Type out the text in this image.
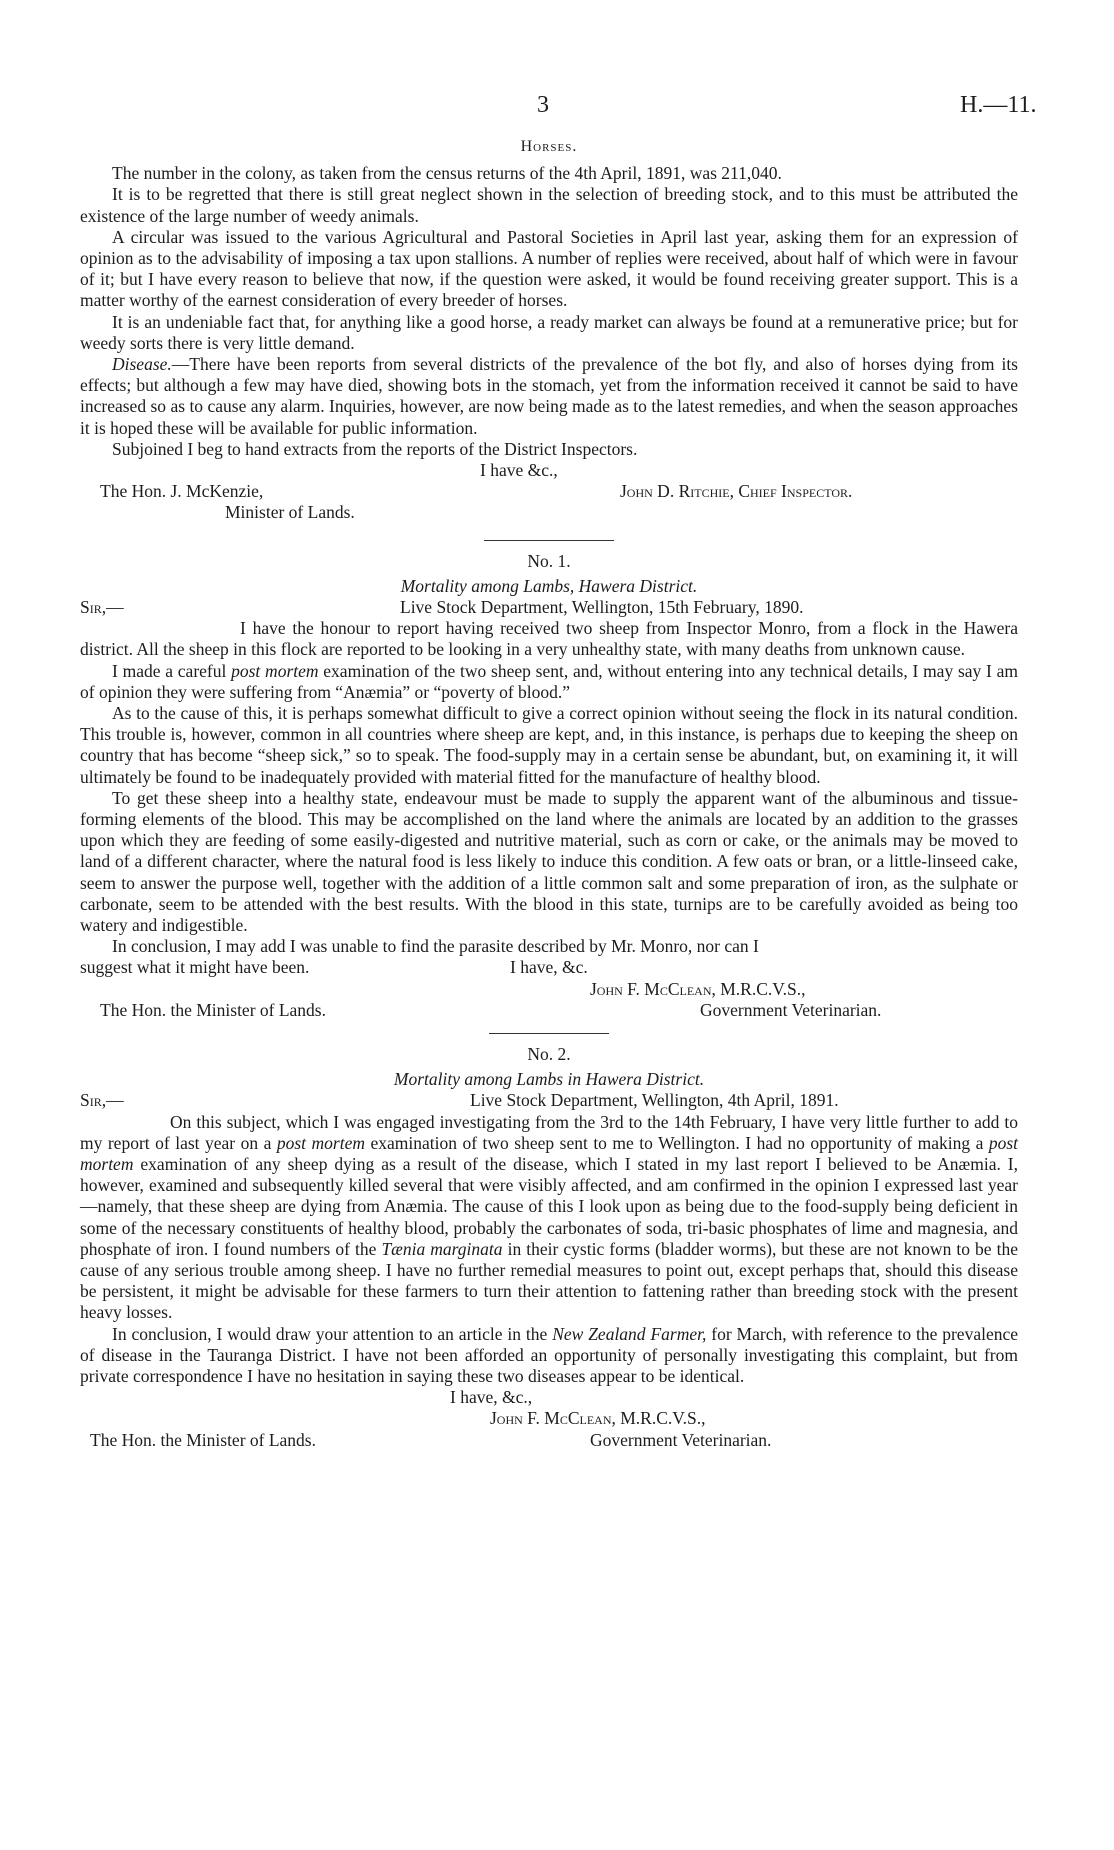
3	H.—11.
Horses.

The number in the colony, as taken from the census returns of the 4th April, 1891, was 211,040.

It is to be regretted that there is still great neglect shown in the selection of breeding stock, and to this must be attributed the existence of the large number of weedy animals.

A circular was issued to the various Agricultural and Pastoral Societies in April last year, asking them for an expression of opinion as to the advisability of imposing a tax upon stallions. A number of replies were received, about half of which were in favour of it; but I have every reason to believe that now, if the question were asked, it would be found receiving greater support. This is a matter worthy of the earnest consideration of every breeder of horses.

It is an undeniable fact that, for anything like a good horse, a ready market can always be found at a remunerative price; but for weedy sorts there is very little demand.

Disease.—There have been reports from several districts of the prevalence of the bot fly, and also of horses dying from its effects; but although a few may have died, showing bots in the stomach, yet from the information received it cannot be said to have increased so as to cause any alarm. Inquiries, however, are now being made as to the latest remedies, and when the season approaches it is hoped these will be available for public information.

Subjoined I beg to hand extracts from the reports of the District Inspectors.

I have &c.,
The Hon. J. McKenzie,	John D. Ritchie, Chief Inspector.
Minister of Lands.
No. 1.
Mortality among Lambs, Hawera District.
Sir,—	Live Stock Department, Wellington, 15th February, 1890.

I have the honour to report having received two sheep from Inspector Monro, from a flock in the Hawera district. All the sheep in this flock are reported to be looking in a very unhealthy state, with many deaths from unknown cause.

I made a careful post mortem examination of the two sheep sent, and, without entering into any technical details, I may say I am of opinion they were suffering from “Anæmia” or “poverty of blood.”

As to the cause of this, it is perhaps somewhat difficult to give a correct opinion without seeing the flock in its natural condition. This trouble is, however, common in all countries where sheep are kept, and, in this instance, is perhaps due to keeping the sheep on country that has become “sheep sick,” so to speak. The food-supply may in a certain sense be abundant, but, on examining it, it will ultimately be found to be inadequately provided with material fitted for the manufacture of healthy blood.

To get these sheep into a healthy state, endeavour must be made to supply the apparent want of the albuminous and tissue-forming elements of the blood. This may be accomplished on the land where the animals are located by an addition to the grasses upon which they are feeding of some easily-digested and nutritive material, such as corn or cake, or the animals may be moved to land of a different character, where the natural food is less likely to induce this condition. A few oats or bran, or a little-linseed cake, seem to answer the purpose well, together with the addition of a little common salt and some preparation of iron, as the sulphate or carbonate, seem to be attended with the best results. With the blood in this state, turnips are to be carefully avoided as being too watery and indigestible.

In conclusion, I may add I was unable to find the parasite described by Mr. Monro, nor can I

suggest what it might have been.	I have, &c.
John F. McClean, M.R.C.V.S.,
The Hon. the Minister of Lands.	Government Veterinarian.
No. 2.
Mortality among Lambs in Hawera District.
Sir,—	Live Stock Department, Wellington, 4th April, 1891.

On this subject, which I was engaged investigating from the 3rd to the 14th February, I have very little further to add to my report of last year on a post mortem examination of two sheep sent to me to Wellington. I had no opportunity of making a post mortem examination of any sheep dying as a result of the disease, which I stated in my last report I believed to be Anæmia. I, however, examined and subsequently killed several that were visibly affected, and am confirmed in the opinion I expressed last year—namely, that these sheep are dying from Anæmia. The cause of this I look upon as being due to the food-supply being deficient in some of the necessary constituents of healthy blood, probably the carbonates of soda, tri-basic phosphates of lime and magnesia, and phosphate of iron. I found numbers of the Tænia marginata in their cystic forms (bladder worms), but these are not known to be the cause of any serious trouble among sheep. I have no further remedial measures to point out, except perhaps that, should this disease be persistent, it might be advisable for these farmers to turn their attention to fattening rather than breeding stock with the present heavy losses.

In conclusion, I would draw your attention to an article in the New Zealand Farmer, for March, with reference to the prevalence of disease in the Tauranga District. I have not been afforded an opportunity of personally investigating this complaint, but from private correspondence I have no hesitation in saying these two diseases appear to be identical.

I have, &c.,
John F. McClean, M.R.C.V.S.,
The Hon. the Minister of Lands.	Government Veterinarian.
